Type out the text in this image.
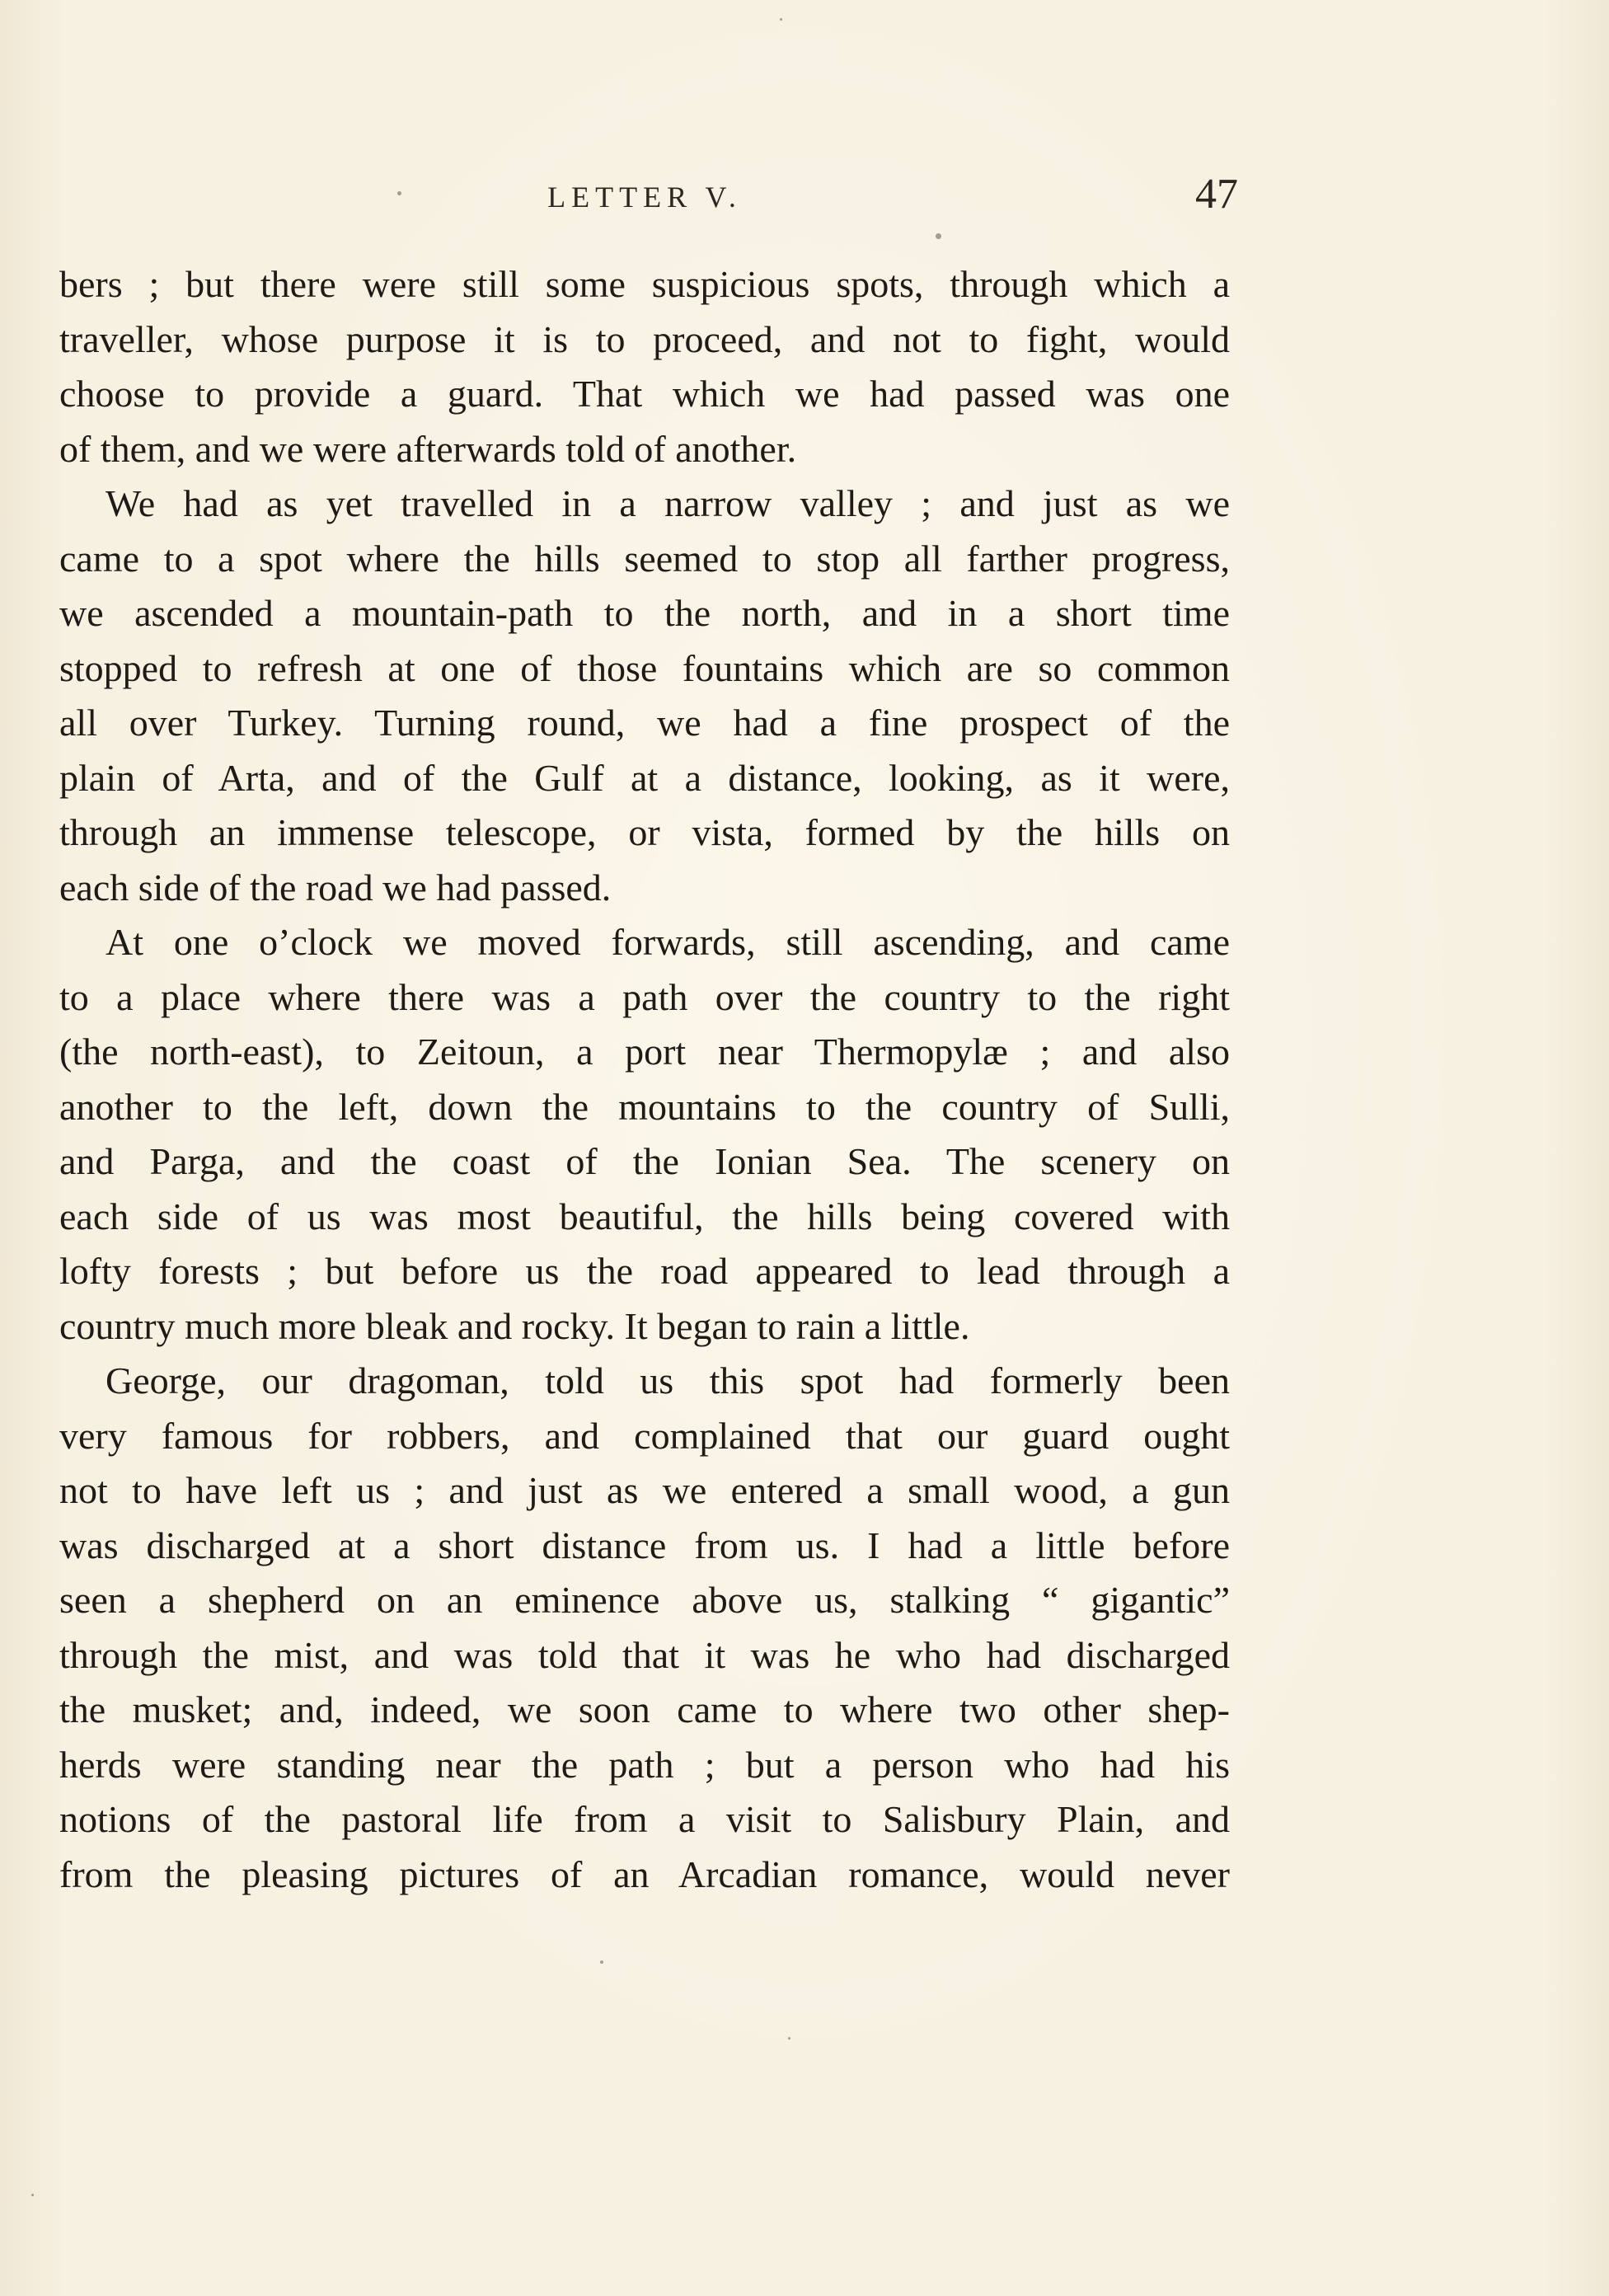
LETTER V.	47

bers ; but there were still some suspicious spots, through which a
traveller, whose purpose it is to proceed, and not to fight, would
choose to provide a guard. That which we had passed was one
of them, and we were afterwards told of another.

We had as yet travelled in a narrow valley ; and just as we
came to a spot where the hills seemed to stop all farther progress,
we ascended a mountain-path to the north, and in a short time
stopped to refresh at one of those fountains which are so common
all over Turkey. Turning round, we had a fine prospect of the
plain of Arta, and of the Gulf at a distance, looking, as it were,
through an immense telescope, or vista, formed by the hills on
each side of the road we had passed.

At one o’clock we moved forwards, still ascending, and came
to a place where there was a path over the country to the right
(the north-east), to Zeitoun, a port near Thermopylæ ; and also
another to the left, down the mountains to the country of Sulli,
and Parga, and the coast of the Ionian Sea. The scenery on
each side of us was most beautiful, the hills being covered with
lofty forests ; but before us the road appeared to lead through a
country much more bleak and rocky. It began to rain a little.

George, our dragoman, told us this spot had formerly been
very famous for robbers, and complained that our guard ought
not to have left us ; and just as we entered a small wood, a gun
was discharged at a short distance from us. I had a little before
seen a shepherd on an eminence above us, stalking “ gigantic”
through the mist, and was told that it was he who had discharged
the musket; and, indeed, we soon came to where two other shep-
herds were standing near the path ; but a person who had his
notions of the pastoral life from a visit to Salisbury Plain, and
from the pleasing pictures of an Arcadian romance, would never
